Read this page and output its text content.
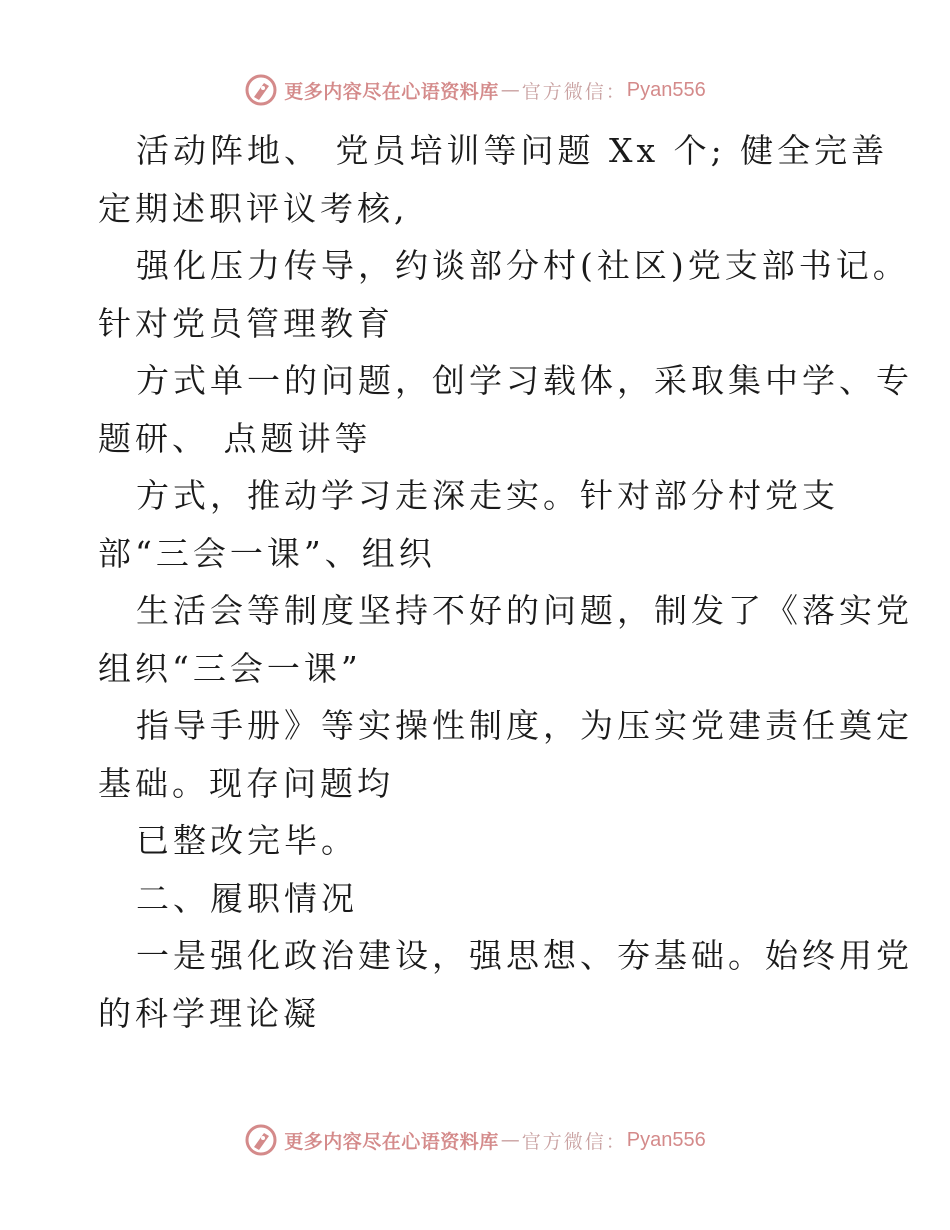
更多内容尽在心语资料库 — 官方微信： Pyan556
活动阵地、 党员培训等问题 Xx 个; 健全完善
定期述职评议考核,
强化压力传导，约谈部分村(社区)党支部书记。
针对党员管理教育
方式单一的问题，创学习载体，采取集中学、专
题研、 点题讲等
方式，推动学习走深走实。针对部分村党支
部“三会一课”、组织
生活会等制度坚持不好的问题，制发了《落实党
组织“三会一课”
指导手册》等实操性制度，为压实党建责任奠定
基础。现存问题均
已整改完毕。
二、履职情况
一是强化政治建设，强思想、夯基础。始终用党
的科学理论凝
更多内容尽在心语资料库 — 官方微信： Pyan556
